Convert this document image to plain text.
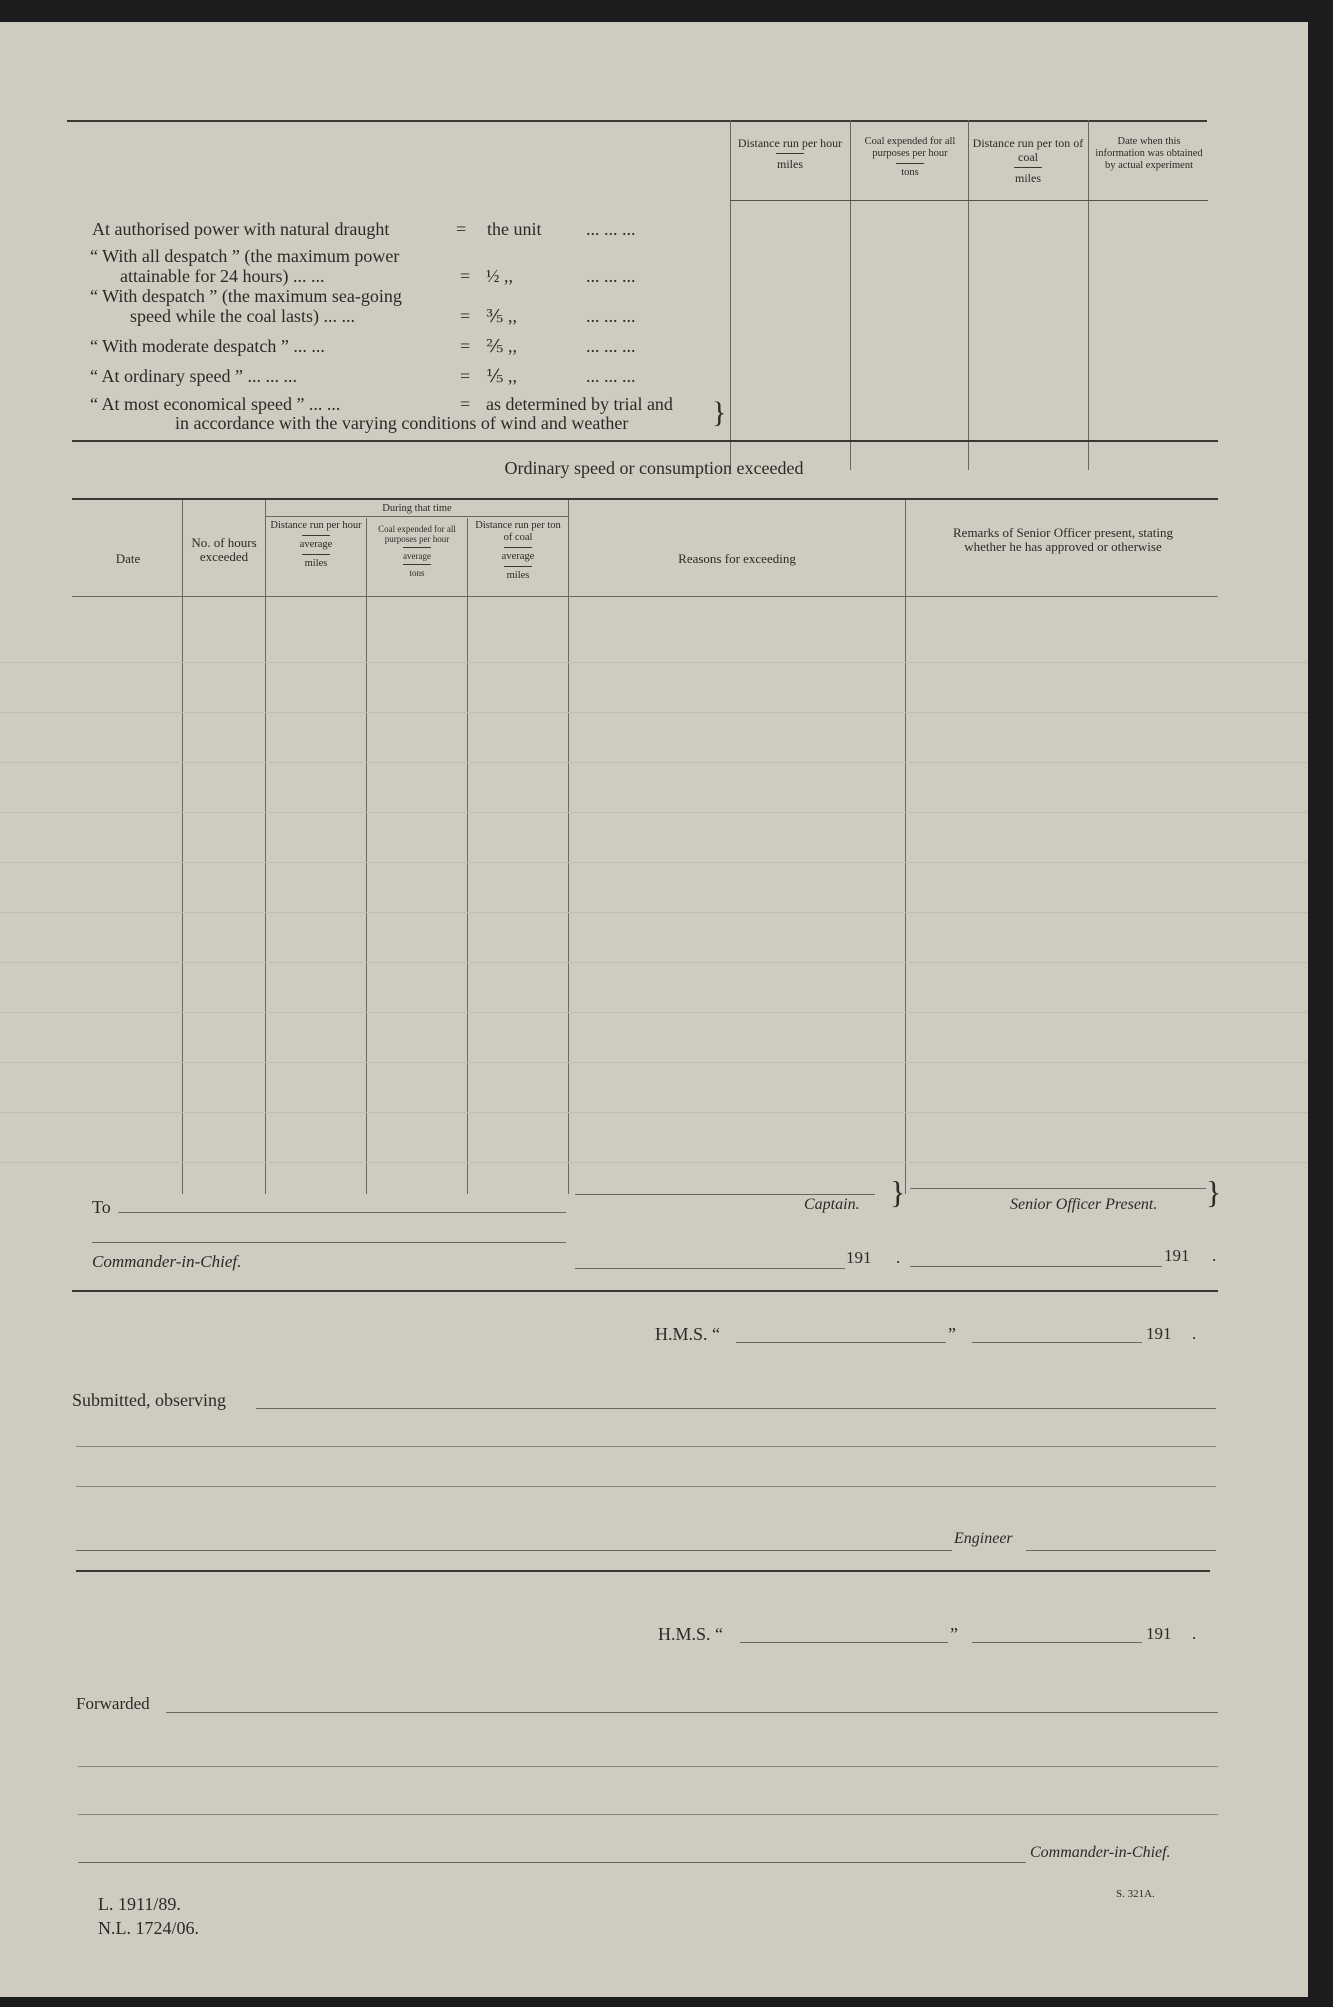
Distance run per hour
miles
Coal expended for all purposes per hour
tons
Distance run per ton of coal
miles
Date when this information was obtained by actual experiment
At authorised power with natural draught	= the unit ... ... ...
“ With all despatch ” (the maximum power
attainable for 24 hours) ... ...	= ½ ,,	... ... ...
“ With despatch ” (the maximum sea-going
speed while the coal lasts) ... ...	= ⅗ ,,	... ... ...
“ With moderate despatch ” ... ...	= ⅖ ,,	... ... ...
“ At ordinary speed ” ... ... ...	= ⅕ ,,	... ... ...
“ At most economical speed ” ... ...	= as determined by trial and
in accordance with the varying conditions of wind and weather	}
Ordinary speed or consumption exceeded
During that time
Date
No. of hours exceeded
Distance run per hour
average
miles
Coal expended for all purposes per hour
average
tons
Distance run per ton of coal
average
miles
Reasons for exceeding
Remarks of Senior Officer present, stating whether he has approved or otherwise
To
Commander-in-Chief.
Captain. }
191 .
Senior Officer Present. }
191 .
H.M.S. “	”	191 .
Submitted, observing
Engineer
H.M.S. “	”	191 .
Forwarded
Commander-in-Chief.
L. 1911/89.
N.L. 1724/06.
S. 321A.
